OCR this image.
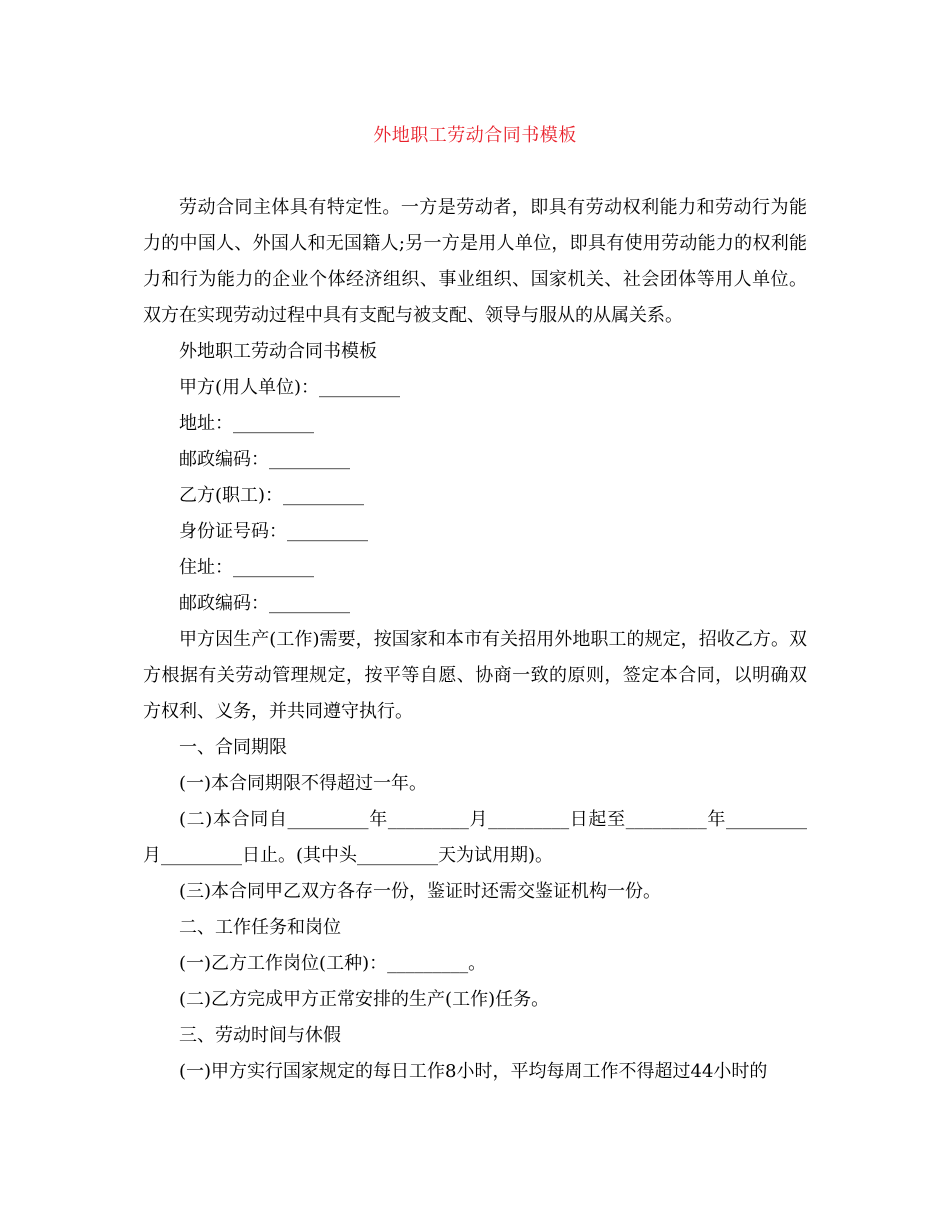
外地职工劳动合同书模板

劳动合同主体具有特定性。一方是劳动者，即具有劳动权利能力和劳动行为能力的中国人、外国人和无国籍人;另一方是用人单位，即具有使用劳动能力的权利能力和行为能力的企业个体经济组织、事业组织、国家机关、社会团体等用人单位。双方在实现劳动过程中具有支配与被支配、领导与服从的从属关系。

外地职工劳动合同书模板

甲方(用人单位)：_________

地址：_________

邮政编码：_________

乙方(职工)：_________

身份证号码：_________

住址：_________

邮政编码：_________

甲方因生产(工作)需要，按国家和本市有关招用外地职工的规定，招收乙方。双方根据有关劳动管理规定，按平等自愿、协商一致的原则，签定本合同，以明确双方权利、义务，并共同遵守执行。

一、合同期限

(一)本合同期限不得超过一年。

(二)本合同自_________年_________月_________日起至_________年_________月_________日止。(其中头_________天为试用期)。

(三)本合同甲乙双方各存一份，鉴证时还需交鉴证机构一份。

二、工作任务和岗位

(一)乙方工作岗位(工种)：_________。

(二)乙方完成甲方正常安排的生产(工作)任务。

三、劳动时间与休假

(一)甲方实行国家规定的每日工作8小时，平均每周工作不得超过44小时的
